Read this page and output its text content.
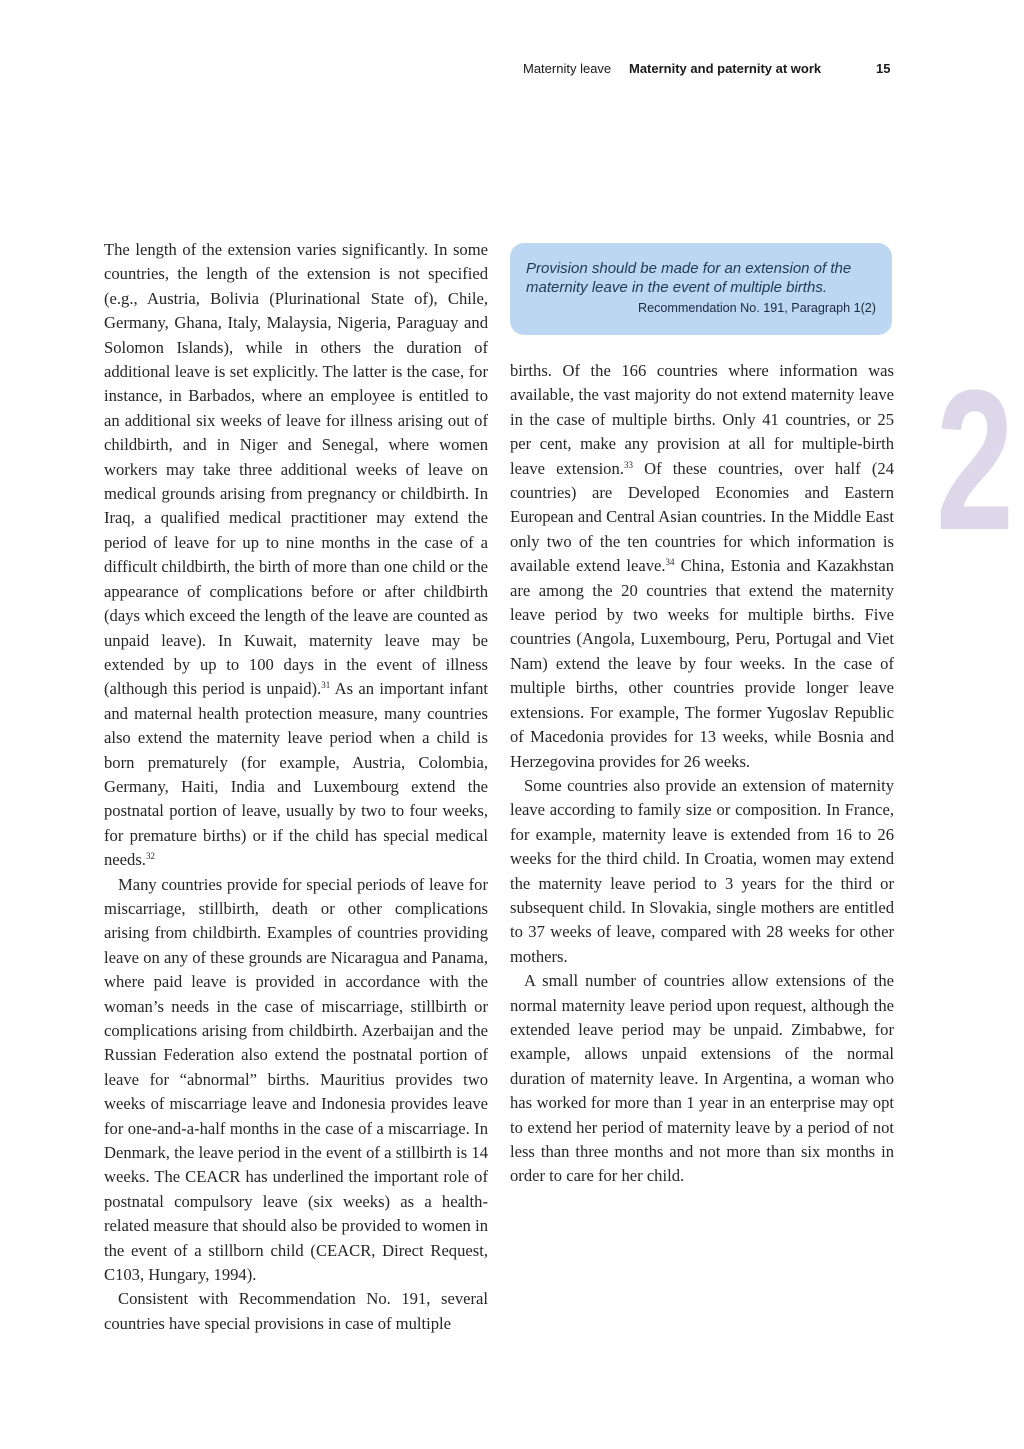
Maternity leave Maternity and paternity at work	15

The length of the extension varies significantly. In some countries, the length of the extension is not specified (e.g., Austria, Bolivia (Plurinational State of), Chile, Germany, Ghana, Italy, Malaysia, Nigeria, Paraguay and Solomon Islands), while in others the duration of additional leave is set explicitly. The latter is the case, for instance, in Barbados, where an employee is entitled to an additional six weeks of leave for illness arising out of childbirth, and in Niger and Senegal, where women workers may take three additional weeks of leave on medical grounds arising from pregnancy or childbirth. In Iraq, a qualified medical practitioner may extend the period of leave for up to nine months in the case of a difficult childbirth, the birth of more than one child or the appearance of complications before or after childbirth (days which exceed the length of the leave are counted as unpaid leave). In Kuwait, maternity leave may be extended by up to 100 days in the event of illness (although this period is unpaid).$^{31}$ As an important infant and maternal health protection measure, many countries also extend the maternity leave period when a child is born prematurely (for example, Austria, Colombia, Germany, Haiti, India and Luxembourg extend the postnatal portion of leave, usually by two to four weeks, for premature births) or if the child has special medical needs.$^{32}$

Many countries provide for special periods of leave for miscarriage, stillbirth, death or other complications arising from childbirth. Examples of countries providing leave on any of these grounds are Nicaragua and Panama, where paid leave is provided in accordance with the woman’s needs in the case of miscarriage, stillbirth or complications arising from childbirth. Azerbaijan and the Russian Federation also extend the postnatal portion of leave for “abnormal” births. Mauritius provides two weeks of miscarriage leave and Indonesia provides leave for one-and-a-half months in the case of a miscarriage. In Denmark, the leave period in the event of a stillbirth is 14 weeks. The CEACR has underlined the important role of postnatal compulsory leave (six weeks) as a health-related measure that should also be provided to women in the event of a stillborn child (CEACR, Direct Request, C103, Hungary, 1994).

Consistent with Recommendation No. 191, several countries have special provisions in case of multiple

Provision should be made for an extension of the maternity leave in the event of multiple births.

Recommendation No. 191, Paragraph 1(2)

births. Of the 166 countries where information was available, the vast majority do not extend maternity leave in the case of multiple births. Only 41 countries, or 25 per cent, make any provision at all for multiple-birth leave extension.$^{33}$ Of these countries, over half (24 countries) are Developed Economies and Eastern European and Central Asian countries. In the Middle East only two of the ten countries for which information is available extend leave.$^{34}$ China, Estonia and Kazakhstan are among the 20 countries that extend the maternity leave period by two weeks for multiple births. Five countries (Angola, Luxembourg, Peru, Portugal and Viet Nam) extend the leave by four weeks. In the case of multiple births, other countries provide longer leave extensions. For example, The former Yugoslav Republic of Macedonia provides for 13 weeks, while Bosnia and Herzegovina provides for 26 weeks.

Some countries also provide an extension of maternity leave according to family size or composition. In France, for example, maternity leave is extended from 16 to 26 weeks for the third child. In Croatia, women may extend the maternity leave period to 3 years for the third or subsequent child. In Slovakia, single mothers are entitled to 37 weeks of leave, compared with 28 weeks for other mothers.

A small number of countries allow extensions of the normal maternity leave period upon request, although the extended leave period may be unpaid. Zimbabwe, for example, allows unpaid extensions of the normal duration of maternity leave. In Argentina, a woman who has worked for more than 1 year in an enterprise may opt to extend her period of maternity leave by a period of not less than three months and not more than six months in order to care for her child.

2
